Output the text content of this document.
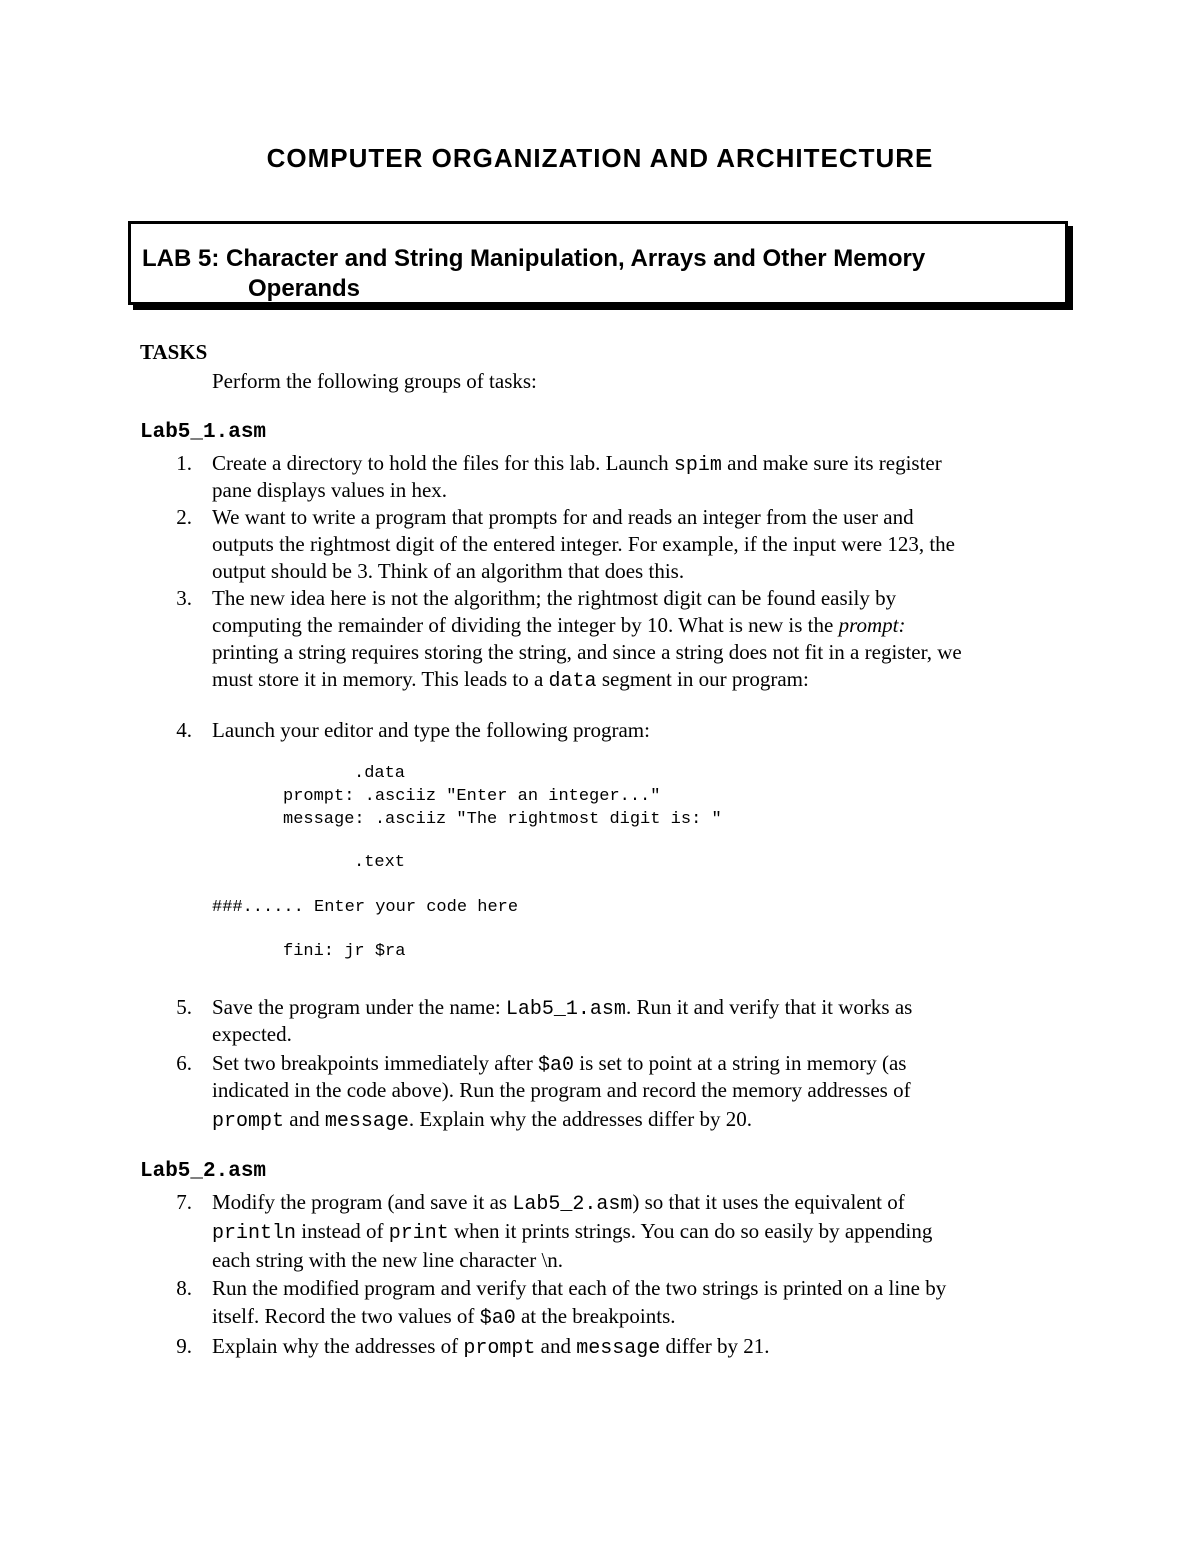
COMPUTER ORGANIZATION AND ARCHITECTURE
LAB 5: Character and String Manipulation, Arrays and Other Memory
Operands
TASKS
Perform the following groups of tasks:
Lab5_1.asm
1. Create a directory to hold the files for this lab. Launch spim and make sure its register
pane displays values in hex.
2. We want to write a program that prompts for and reads an integer from the user and
outputs the rightmost digit of the entered integer. For example, if the input were 123, the
output should be 3. Think of an algorithm that does this.
3. The new idea here is not the algorithm; the rightmost digit can be found easily by
computing the remainder of dividing the integer by 10. What is new is the prompt:
printing a string requires storing the string, and since a string does not fit in a register, we
must store it in memory. This leads to a data segment in our program:
4. Launch your editor and type the following program:
.data
prompt: .asciiz "Enter an integer..."
message: .asciiz "The rightmost digit is: "
.text
###...... Enter your code here
fini: jr $ra
5. Save the program under the name: Lab5_1.asm. Run it and verify that it works as
expected.
6. Set two breakpoints immediately after $a0 is set to point at a string in memory (as
indicated in the code above). Run the program and record the memory addresses of
prompt and message. Explain why the addresses differ by 20.
Lab5_2.asm
7. Modify the program (and save it as Lab5_2.asm) so that it uses the equivalent of
println instead of print when it prints strings. You can do so easily by appending
each string with the new line character \n.
8. Run the modified program and verify that each of the two strings is printed on a line by
itself. Record the two values of $a0 at the breakpoints.
9. Explain why the addresses of prompt and message differ by 21.
